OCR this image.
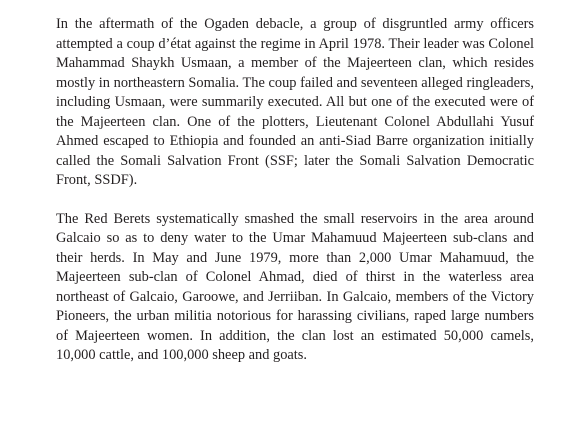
In the aftermath of the Ogaden debacle, a group of disgruntled army officers attempted a coup d’état against the regime in April 1978. Their leader was Colonel Mahammad Shaykh Usmaan, a member of the Majeerteen clan, which resides mostly in northeastern Somalia. The coup failed and seventeen alleged ringleaders, including Usmaan, were summarily executed. All but one of the executed were of the Majeerteen clan. One of the plotters, Lieutenant Colonel Abdullahi Yusuf Ahmed escaped to Ethiopia and founded an anti-Siad Barre organization initially called the Somali Salvation Front (SSF; later the Somali Salvation Democratic Front, SSDF).

The Red Berets systematically smashed the small reservoirs in the area around Galcaio so as to deny water to the Umar Mahamuud Majeerteen sub-clans and their herds. In May and June 1979, more than 2,000 Umar Mahamuud, the Majeerteen sub-clan of Colonel Ahmad, died of thirst in the waterless area northeast of Galcaio, Garoowe, and Jerriiban. In Galcaio, members of the Victory Pioneers, the urban militia notorious for harassing civilians, raped large numbers of Majeerteen women. In addition, the clan lost an estimated 50,000 camels, 10,000 cattle, and 100,000 sheep and goats.
